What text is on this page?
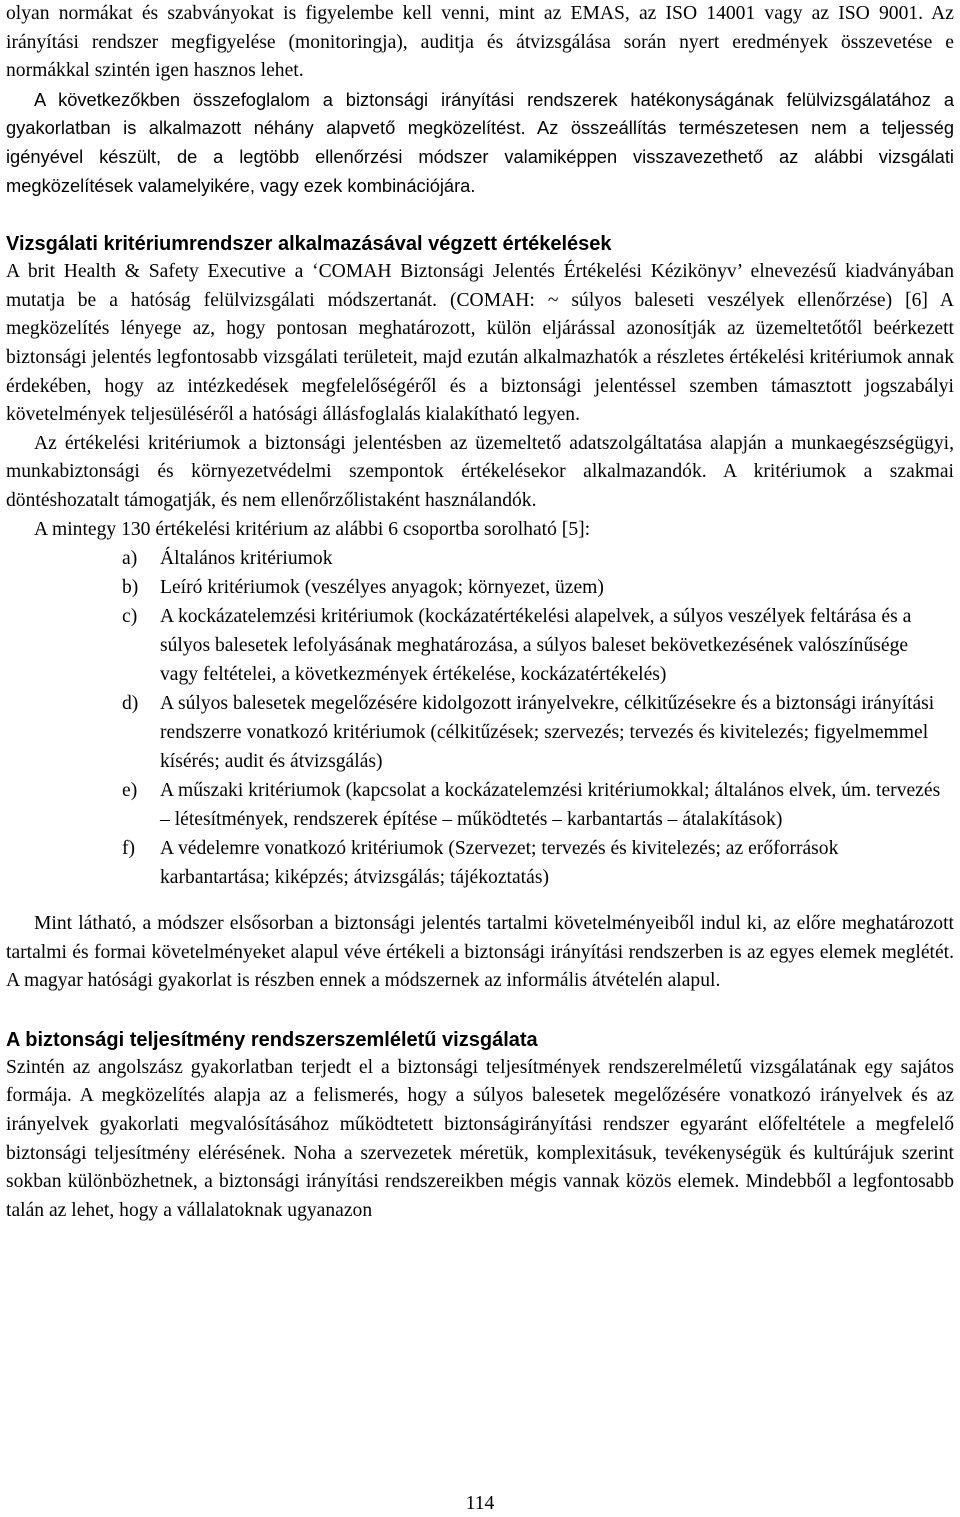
olyan normákat és szabványokat is figyelembe kell venni, mint az EMAS, az ISO 14001 vagy az ISO 9001. Az irányítási rendszer megfigyelése (monitoringja), auditja és átvizsgálása során nyert eredmények összevetése e normákkal szintén igen hasznos lehet.

A következőkben összefoglalom a biztonsági irányítási rendszerek hatékonyságának felülvizsgálatához a gyakorlatban is alkalmazott néhány alapvető megközelítést. Az összeállítás természetesen nem a teljesség igényével készült, de a legtöbb ellenőrzési módszer valamiképpen visszavezethető az alábbi vizsgálati megközelítések valamelyikére, vagy ezek kombinációjára.

Vizsgálati kritériumrendszer alkalmazásával végzett értékelések

A brit Health & Safety Executive a ‘COMAH Biztonsági Jelentés Értékelési Kézikönyv’ elnevezésű kiadványában mutatja be a hatóság felülvizsgálati módszertanát. (COMAH: ~ súlyos baleseti veszélyek ellenőrzése) [6] A megközelítés lényege az, hogy pontosan meghatározott, külön eljárással azonosítják az üzemeltetőtől beérkezett biztonsági jelentés legfontosabb vizsgálati területeit, majd ezután alkalmazhatók a részletes értékelési kritériumok annak érdekében, hogy az intézkedések megfelelőségéről és a biztonsági jelentéssel szemben támasztott jogszabályi követelmények teljesüléséről a hatósági állásfoglalás kialakítható legyen.

Az értékelési kritériumok a biztonsági jelentésben az üzemeltető adatszolgáltatása alapján a munkaegészségügyi, munkabiztonsági és környezetvédelmi szempontok értékelésekor alkalmazandók. A kritériumok a szakmai döntéshozatalt támogatják, és nem ellenőrzőlistaként használandók.

A mintegy 130 értékelési kritérium az alábbi 6 csoportba sorolható [5]:

a) Általános kritériumok
b) Leíró kritériumok (veszélyes anyagok; környezet, üzem)
c) A kockázatelemzési kritériumok (kockázatértékelési alapelvek, a súlyos veszélyek feltárása és a súlyos balesetek lefolyásának meghatározása, a súlyos baleset bekövetkezésének valószínűsége vagy feltételei, a következmények értékelése, kockázatértékelés)
d) A súlyos balesetek megelőzésére kidolgozott irányelvekre, célkitűzésekre és a biztonsági irányítási rendszerre vonatkozó kritériumok (célkitűzések; szervezés; tervezés és kivitelezés; figyelmemmel kísérés; audit és átvizsgálás)
e) A műszaki kritériumok (kapcsolat a kockázatelemzési kritériumokkal; általános elvek, úm. tervezés – létesítmények, rendszerek építése – működtetés – karbantartás – átalakítások)
f) A védelemre vonatkozó kritériumok (Szervezet; tervezés és kivitelezés; az erőforrások karbantartása; kiképzés; átvizsgálás; tájékoztatás)

Mint látható, a módszer elsősorban a biztonsági jelentés tartalmi követelményeiből indul ki, az előre meghatározott tartalmi és formai követelményeket alapul véve értékeli a biztonsági irányítási rendszerben is az egyes elemek meglétét. A magyar hatósági gyakorlat is részben ennek a módszernek az informális átvételén alapul.

A biztonsági teljesítmény rendszerszemléletű vizsgálata

Szintén az angolszász gyakorlatban terjedt el a biztonsági teljesítmények rendszerelméletű vizsgálatának egy sajátos formája. A megközelítés alapja az a felismerés, hogy a súlyos balesetek megelőzésére vonatkozó irányelvek és az irányelvek gyakorlati megvalósításához működtetett biztonságirányítási rendszer egyaránt előfeltétele a megfelelő biztonsági teljesítmény elérésének. Noha a szervezetek méretük, komplexitásuk, tevékenységük és kultúrájuk szerint sokban különbözhetnek, a biztonsági irányítási rendszereikben mégis vannak közös elemek. Mindebből a legfontosabb talán az lehet, hogy a vállalatoknak ugyanazon

114
